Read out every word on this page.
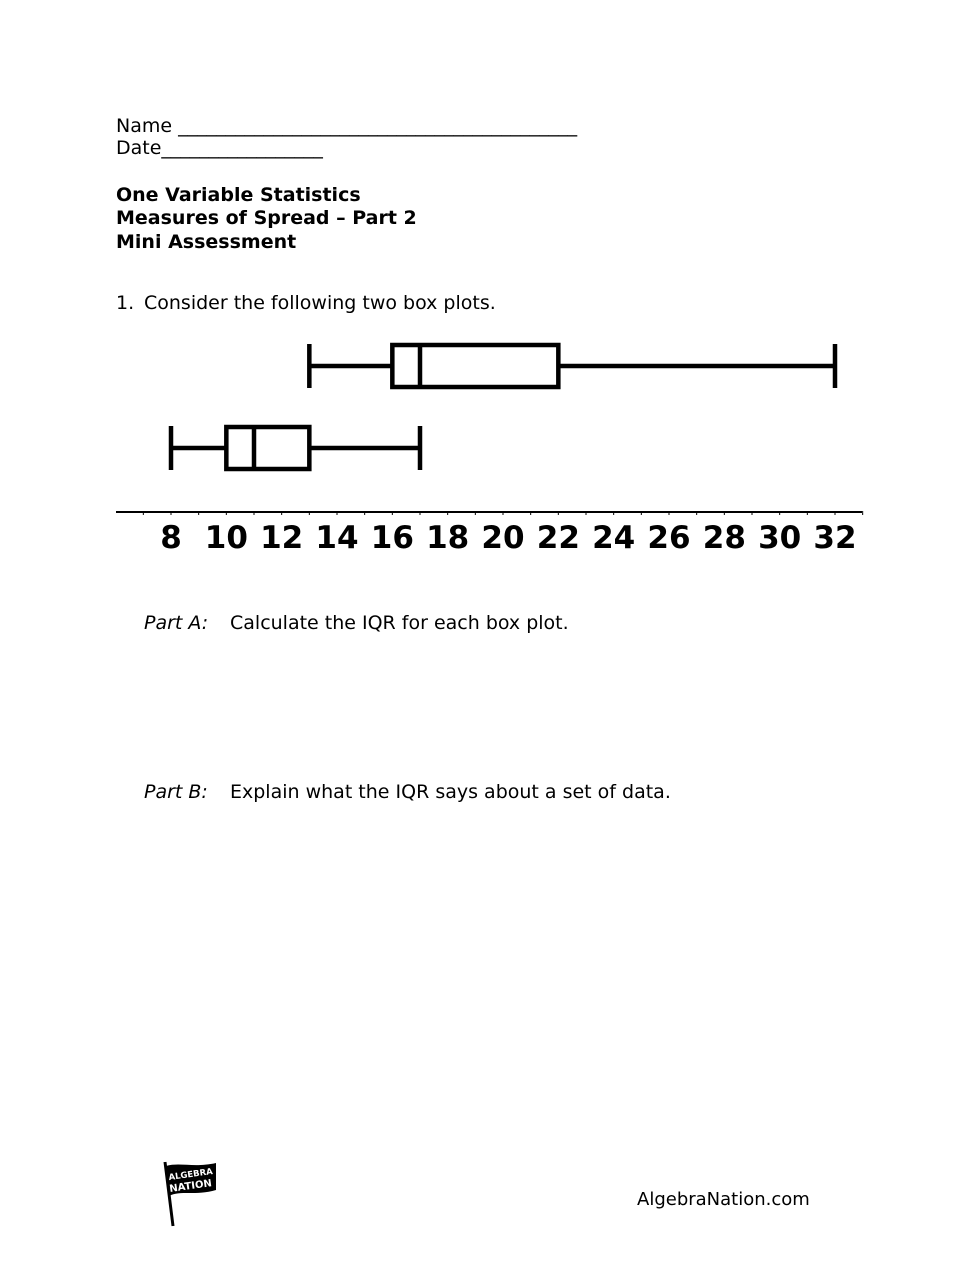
Name __________________________________________
Date_________________
One Variable Statistics
Measures of Spread – Part 2
Mini Assessment
1. Consider the following two box plots.
8 10 12 14 16 18 20 22 24 26 28 30 32
Part A: Calculate the IQR for each box plot.
Part B: Explain what the IQR says about a set of data.
ALGEBRA
NATION
AlgebraNation.com
